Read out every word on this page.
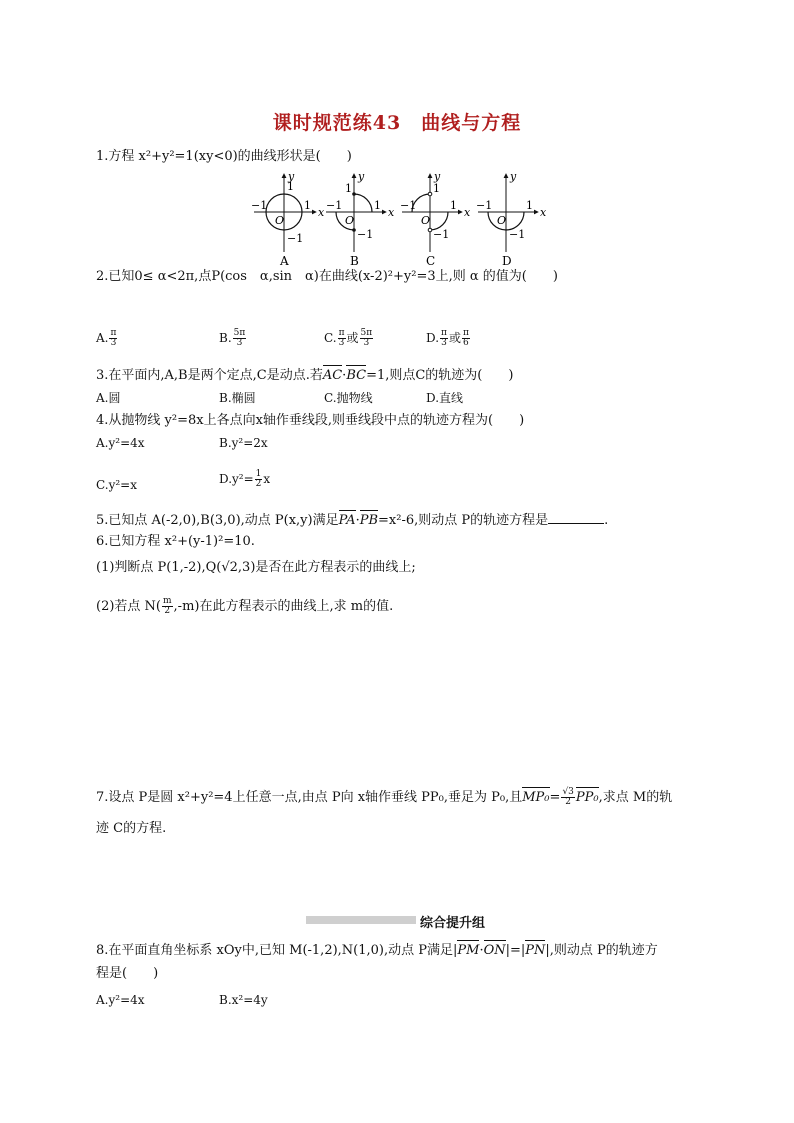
课时规范练43　曲线与方程
1.方程 x²+y²=1(xy<0)的曲线形状是(　　)
y
x
1
−1	1
−1
O
A
y
x
1
−1	1
−1
O
B
y
x
1
−1	1
−1
O
C
y
x
−1	1
−1
O
D
2.已知0≤ α<2π,点P(cos　α,sin　α)在曲线(x-2)²+y²=3上,则 α 的值为(　　)
A. $\frac{\pi}{3}$	B. $\frac{5\pi}{3}$	C. $\frac{\pi}{3}$ 或 $\frac{5\pi}{3}$	D. $\frac{\pi}{3}$ 或 $\frac{\pi}{6}$
3.在平面内,A,B是两个定点,C是动点.若AC·BC=1,则点C的轨迹为(　　)
A.圆	B.椭圆	C.抛物线	D.直线
4.从抛物线 y²=8x上各点向x轴作垂线段,则垂线段中点的轨迹方程为(　　)
A.y²=4x	B.y²=2x
C.y²=x	$D.y^2= \frac{1}{2}$ x
5.已知点 A(-2,0),B(3,0),动点 P(x,y)满足PA·PB=x²-6,则动点 P的轨迹方程是	.
6.已知方程 x²+(y-1)²=10.
(1)判断点 P(1,-2),Q(√2,3)是否在此方程表示的曲线上;
(2)若点 $N( \frac{m}{2} ,-m)$在此方程表示的曲线上,求 m的值.
7.设点 P是圆 x²+y²=4上任意一点,由点 P向 x轴作垂线 PP₀,垂足为 P₀,且$MP_0= \frac{√3}{2} PP_0$,求点 M的轨
迹 C的方程.
综合提升组
8.在平面直角坐标系 xOy中,已知 M(-1,2),N(1,0),动点 P满足|PM·ON|=|PN|,则动点 P的轨迹方
程是(　　)
A.y²=4x	B.x²=4y
